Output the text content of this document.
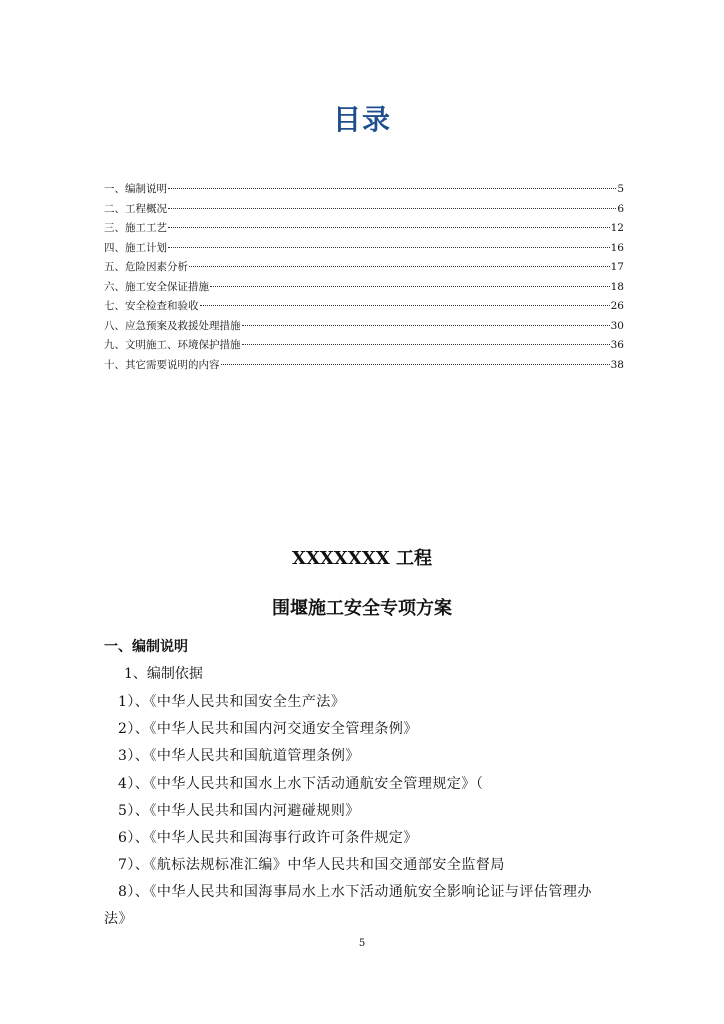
目录
一、编制说明	5
二、工程概况	6
三、施工工艺	12
四、施工计划	16
五、危险因素分析	17
六、施工安全保证措施	18
七、安全检查和验收	26
八、应急预案及救援处理措施	30
九、文明施工、环境保护措施	36
十、其它需要说明的内容	38
XXXXXXX 工程
围堰施工安全专项方案
一、编制说明
1、编制依据
1）、《中华人民共和国安全生产法》
2）、《中华人民共和国内河交通安全管理条例》
3）、《中华人民共和国航道管理条例》
4）、《中华人民共和国水上水下活动通航安全管理规定》（
5）、《中华人民共和国内河避碰规则》
6）、《中华人民共和国海事行政许可条件规定》
7）、《航标法规标准汇编》中华人民共和国交通部安全监督局
8）、《中华人民共和国海事局水上水下活动通航安全影响论证与评估管理办
法》
5
